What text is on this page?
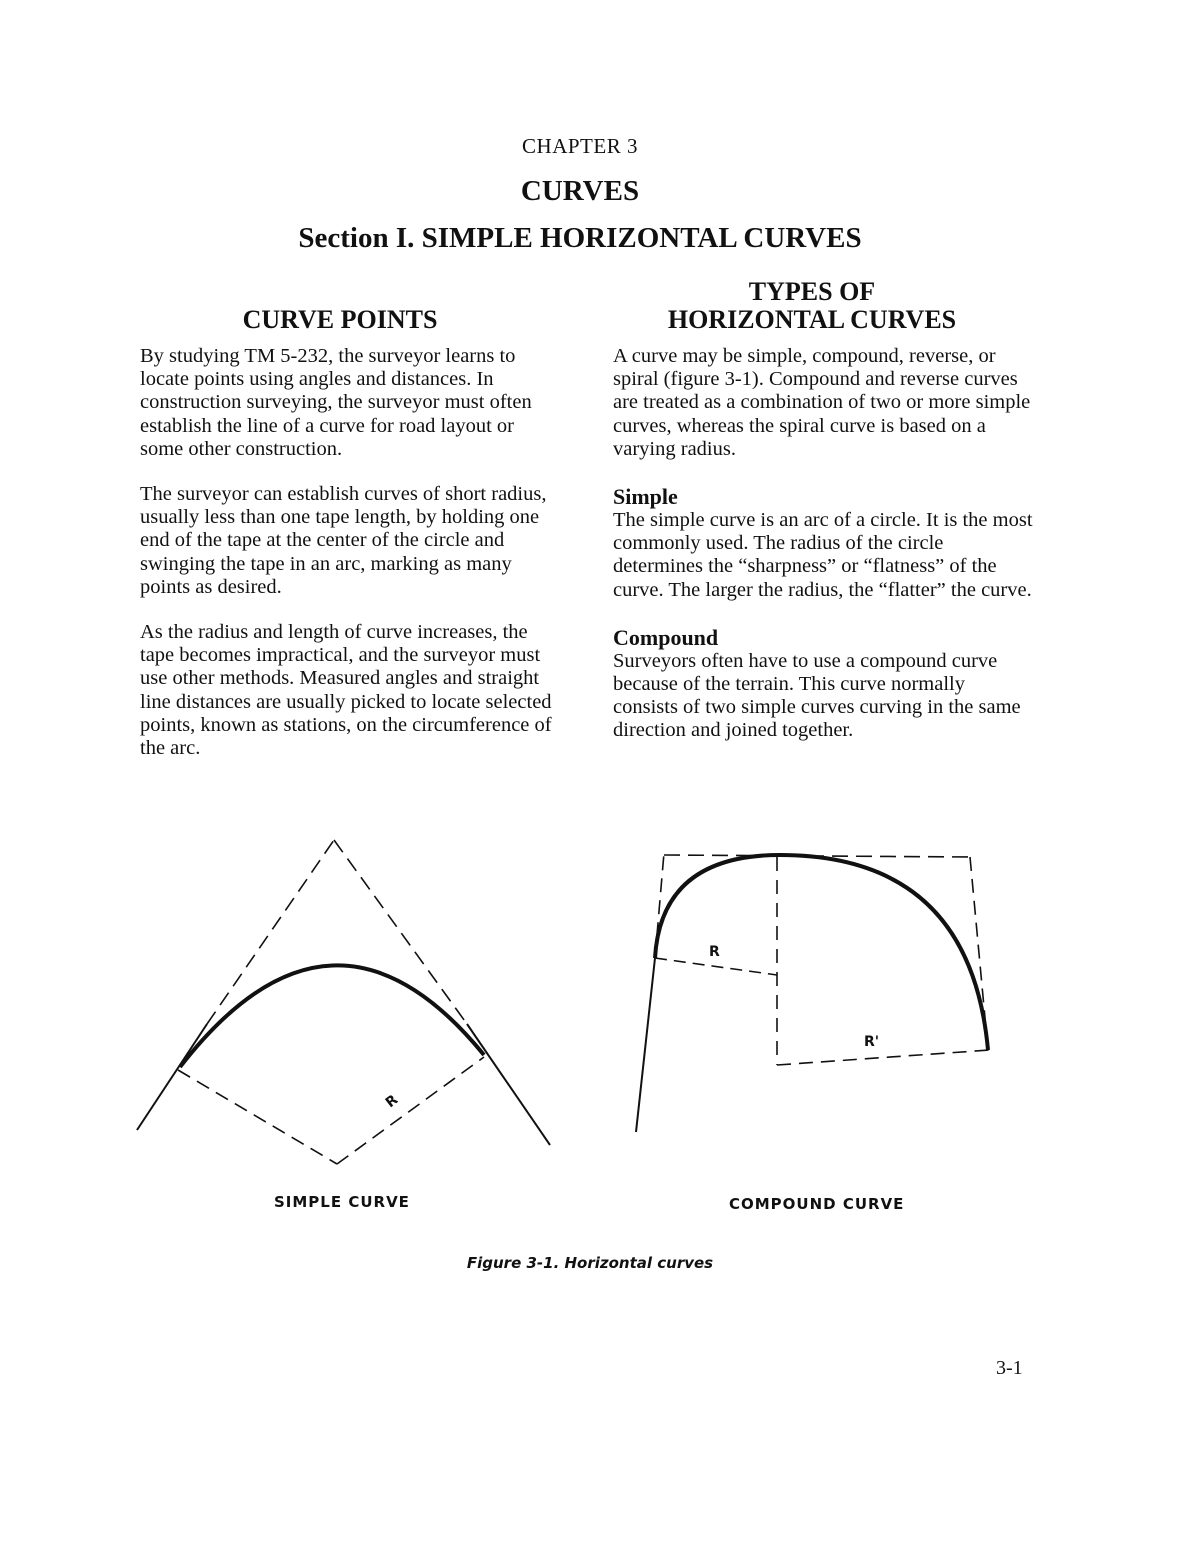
CHAPTER 3
CURVES
Section I. SIMPLE HORIZONTAL CURVES
CURVE POINTS
TYPES OF
HORIZONTAL CURVES

By studying TM 5-232, the surveyor learns to locate points using angles and distances. In construction surveying, the surveyor must often establish the line of a curve for road layout or some other construction.

The surveyor can establish curves of short radius, usually less than one tape length, by holding one end of the tape at the center of the circle and swinging the tape in an arc, marking as many points as desired.

As the radius and length of curve increases, the tape becomes impractical, and the surveyor must use other methods. Measured angles and straight line distances are usually picked to locate selected points, known as stations, on the circumference of the arc.

A curve may be simple, compound, reverse, or spiral (figure 3-1). Compound and reverse curves are treated as a combination of two or more simple curves, whereas the spiral curve is based on a varying radius.

Simple

The simple curve is an arc of a circle. It is the most commonly used. The radius of the circle determines the “sharpness” or “flatness” of the curve. The larger the radius, the “flatter” the curve.

Compound

Surveyors often have to use a compound curve because of the terrain. This curve normally consists of two simple curves curving in the same direction and joined together.

R
R
R'
SIMPLE CURVE	COMPOUND CURVE
Figure 3-1. Horizontal curves
3-1
